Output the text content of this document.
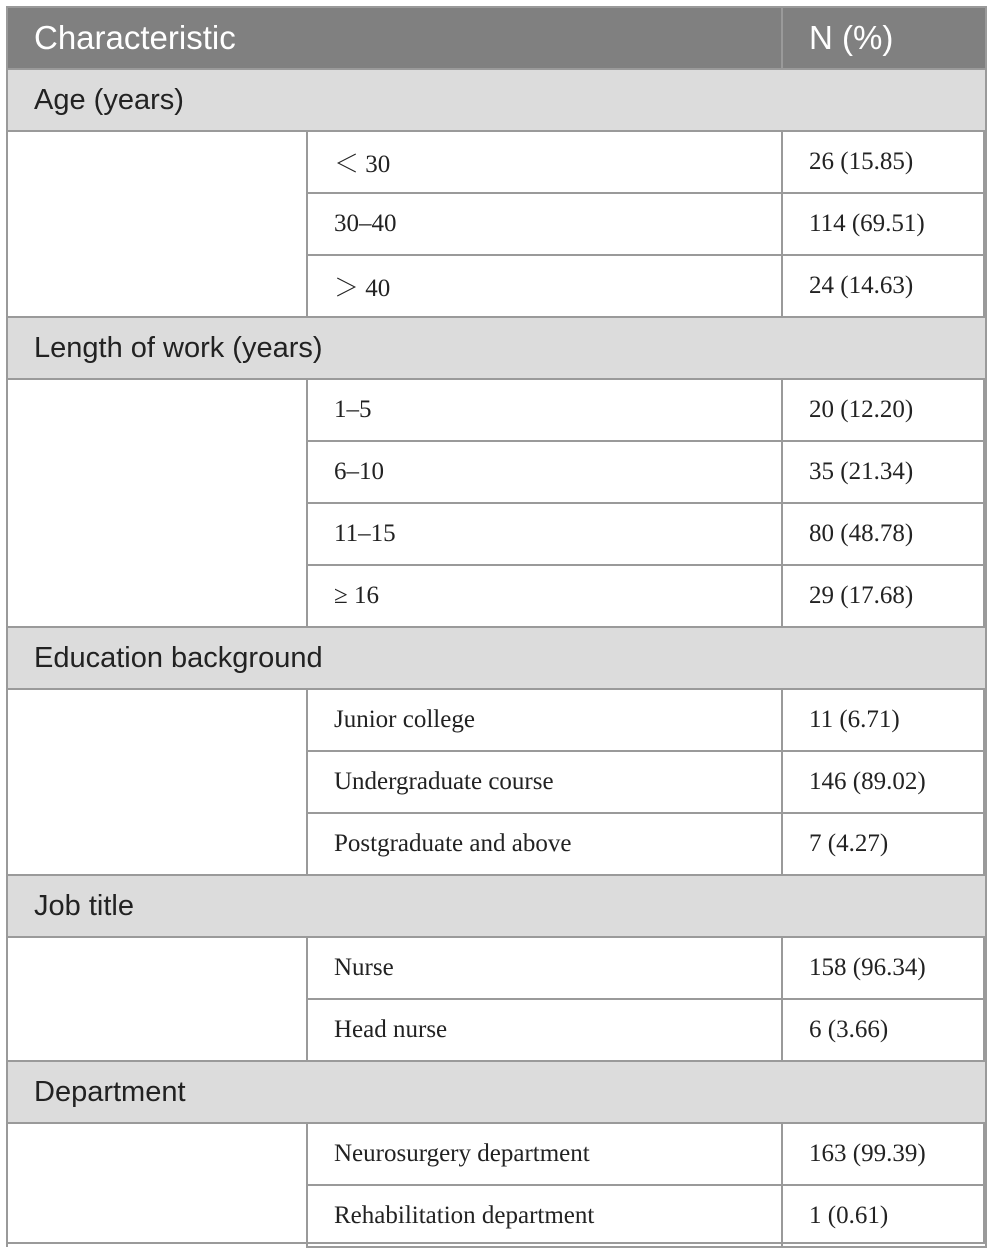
Characteristic		N (%)
Age (years)		
	＜ 30	26 (15.85)
	30–40	114 (69.51)
	＞ 40	24 (14.63)
Length of work (years)		
	1–5	20 (12.20)
	6–10	35 (21.34)
	11–15	80 (48.78)
	≥ 16	29 (17.68)
Education background		
	Junior college	11 (6.71)
	Undergraduate course	146 (89.02)
	Postgraduate and above	7 (4.27)
Job title		
	Nurse	158 (96.34)
	Head nurse	6 (3.66)
Department		
	Neurosurgery department	163 (99.39)
	Rehabilitation department	1 (0.61)
